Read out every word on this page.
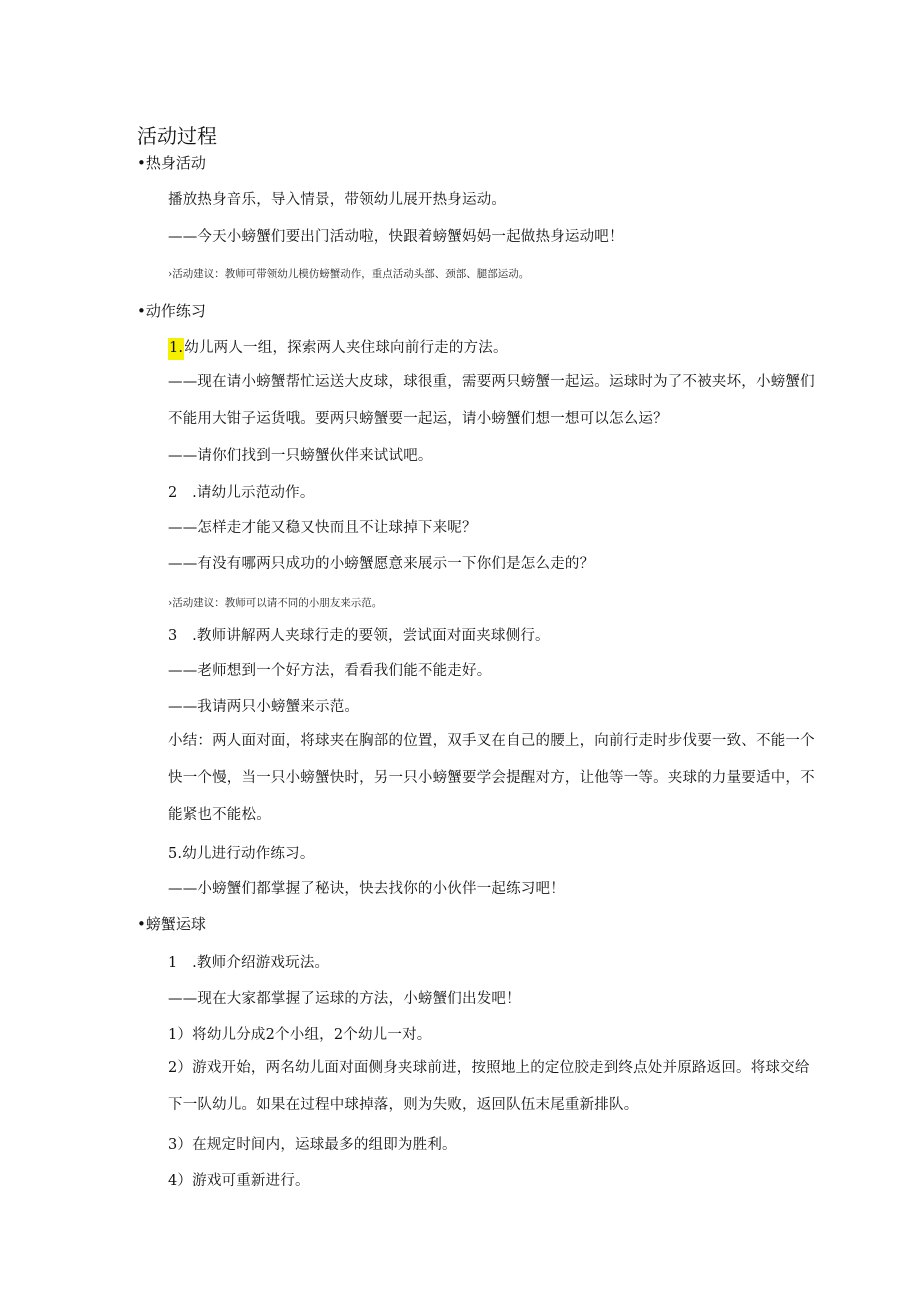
活动过程
•热身活动
播放热身音乐，导入情景，带领幼儿展开热身运动。
——今天小螃蟹们要出门活动啦，快跟着螃蟹妈妈一起做热身运动吧！
›活动建议：教师可带领幼儿模仿螃蟹动作，重点活动头部、颈部、腿部运动。
•动作练习
1.幼儿两人一组，探索两人夹住球向前行走的方法。
——现在请小螃蟹帮忙运送大皮球，球很重，需要两只螃蟹一起运。运球时为了不被夹坏，小螃蟹们不能用大钳子运货哦。要两只螃蟹要一起运，请小螃蟹们想一想可以怎么运？
——请你们找到一只螃蟹伙伴来试试吧。
2　.请幼儿示范动作。
——怎样走才能又稳又快而且不让球掉下来呢？
——有没有哪两只成功的小螃蟹愿意来展示一下你们是怎么走的？
›活动建议：教师可以请不同的小朋友来示范。
3　.教师讲解两人夹球行走的要领，尝试面对面夹球侧行。
——老师想到一个好方法，看看我们能不能走好。
——我请两只小螃蟹来示范。
小结：两人面对面，将球夹在胸部的位置，双手叉在自己的腰上，向前行走时步伐要一致、不能一个快一个慢，当一只小螃蟹快时，另一只小螃蟹要学会提醒对方，让他等一等。夹球的力量要适中，不能紧也不能松。
5.幼儿进行动作练习。
——小螃蟹们都掌握了秘诀，快去找你的小伙伴一起练习吧！
•螃蟹运球
1　.教师介绍游戏玩法。
——现在大家都掌握了运球的方法，小螃蟹们出发吧！
1）将幼儿分成2个小组，2个幼儿一对。
2）游戏开始，两名幼儿面对面侧身夹球前进，按照地上的定位胶走到终点处并原路返回。将球交给下一队幼儿。如果在过程中球掉落，则为失败，返回队伍末尾重新排队。
3）在规定时间内，运球最多的组即为胜利。
4）游戏可重新进行。
